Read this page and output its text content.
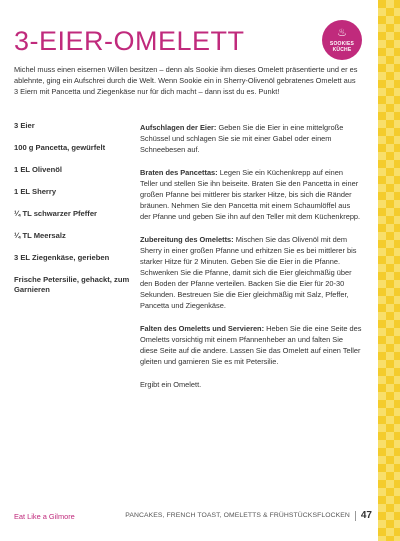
3-EIER-OMELETT	♨
SOOKIES KÜCHE

Michel muss einen eisernen Willen besitzen – denn als Sookie ihm dieses Omelett präsentierte und er es ablehnte, ging ein Aufschrei durch die Welt. Wenn Sookie ein in Sherry-Olivenöl gebratenes Omelett aus 3 Eiern mit Pancetta und Ziegenkäse nur für dich macht – dann isst du es. Punkt!

3 Eier
100 g Pancetta, gewürfelt
1 EL Olivenöl
1 EL Sherry
¼ TL schwarzer Pfeffer
¼ TL Meersalz
3 EL Ziegenkäse, gerieben
Frische Petersilie, gehackt, zum Garnieren

Aufschlagen der Eier: Geben Sie die Eier in eine mittelgroße Schüssel und schlagen Sie sie mit einer Gabel oder einem Schneebesen auf.

Braten des Pancettas: Legen Sie ein Küchenkrepp auf einen Teller und stellen Sie ihn beiseite. Braten Sie den Pancetta in einer großen Pfanne bei mittlerer bis starker Hitze, bis sich die Ränder bräunen. Nehmen Sie den Pancetta mit einem Schaumlöffel aus der Pfanne und geben Sie ihn auf den Teller mit dem Küchenkrepp.

Zubereitung des Omeletts: Mischen Sie das Olivenöl mit dem Sherry in einer großen Pfanne und erhitzen Sie es bei mittlerer bis starker Hitze für 2 Minuten. Geben Sie die Eier in die Pfanne. Schwenken Sie die Pfanne, damit sich die Eier gleichmäßig über den Boden der Pfanne verteilen. Backen Sie die Eier für 20-30 Sekunden. Bestreuen Sie die Eier gleichmäßig mit Salz, Pfeffer, Pancetta und Ziegenkäse.

Falten des Omeletts und Servieren: Heben Sie die eine Seite des Omeletts vorsichtig mit einem Pfannenheber an und falten Sie diese Seite auf die andere. Lassen Sie das Omelett auf einen Teller gleiten und garnieren Sie es mit Petersilie.

Ergibt ein Omelett.

Eat Like a Gilmore	PANCAKES, FRENCH TOAST, OMELETTS & FRÜHSTÜCKSFLOCKEN 47
